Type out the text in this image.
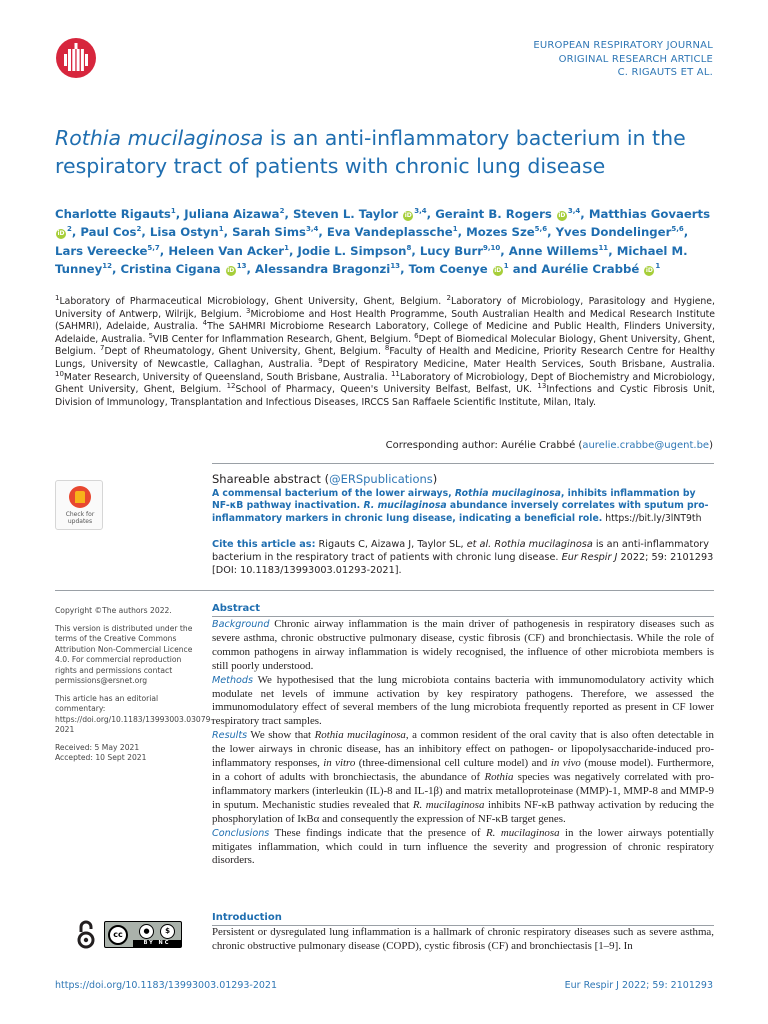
EUROPEAN RESPIRATORY JOURNAL
ORIGINAL RESEARCH ARTICLE
C. RIGAUTS ET AL.
Rothia mucilaginosa is an anti-inflammatory bacterium in the respiratory tract of patients with chronic lung disease
Charlotte Rigauts$^1$, Juliana Aizawa$^2$, Steven L. Taylor iD$^{3,4}$, Geraint B. Rogers iD$^{3,4}$, Matthias Govaerts $iD^2$, Paul Cos$^2$, Lisa Ostyn$^1$, Sarah Sims$^{3,4}$, Eva Vandeplassche$^1$, Mozes Sze$^{5,6}$, Yves Dondelinger$^{5,6}$, Lars Vereecke$^{5,7}$, Heleen Van Acker$^1$, Jodie L. Simpson$^8$, Lucy Burr$^{9,10}$, Anne Willems$^{11}$, Michael M. Tunney$^{12}$, Cristina Cigana $iD^{13}$, Alessandra Bragonzi$^{13}$, Tom Coenye $iD^1$ and Aurélie Crabbé $iD^1$
$^1$Laboratory of Pharmaceutical Microbiology, Ghent University, Ghent, Belgium. $^2$Laboratory of Microbiology, Parasitology and Hygiene, University of Antwerp, Wilrijk, Belgium. $^3$Microbiome and Host Health Programme, South Australian Health and Medical Research Institute (SAHMRI), Adelaide, Australia. $^4$The SAHMRI Microbiome Research Laboratory, College of Medicine and Public Health, Flinders University, Adelaide, Australia. $^5$VIB Center for Inflammation Research, Ghent, Belgium. $^6$Dept of Biomedical Molecular Biology, Ghent University, Ghent, Belgium. $^7$Dept of Rheumatology, Ghent University, Ghent, Belgium. $^8$Faculty of Health and Medicine, Priority Research Centre for Healthy Lungs, University of Newcastle, Callaghan, Australia. $^9$Dept of Respiratory Medicine, Mater Health Services, South Brisbane, Australia. $^{10}$Mater Research, University of Queensland, South Brisbane, Australia. $^{11}$Laboratory of Microbiology, Dept of Biochemistry and Microbiology, Ghent University, Ghent, Belgium. $^{12}$School of Pharmacy, Queen's University Belfast, Belfast, UK. $^{13}$Infections and Cystic Fibrosis Unit, Division of Immunology, Transplantation and Infectious Diseases, IRCCS San Raffaele Scientific Institute, Milan, Italy.
Corresponding author: Aurélie Crabbé (aurelie.crabbe@ugent.be)
Check for updates
Shareable abstract (@ERSpublications)
A commensal bacterium of the lower airways, Rothia mucilaginosa, inhibits inflammation by NF-κB pathway inactivation. R. mucilaginosa abundance inversely correlates with sputum pro-inflammatory markers in chronic lung disease, indicating a beneficial role. https://bit.ly/3lNT9th
Cite this article as: Rigauts C, Aizawa J, Taylor SL, et al. Rothia mucilaginosa is an anti-inflammatory bacterium in the respiratory tract of patients with chronic lung disease. Eur Respir J 2022; 59: 2101293 [DOI: 10.1183/13993003.01293-2021].

Copyright ©The authors 2022.

This version is distributed under the terms of the Creative Commons Attribution Non-Commercial Licence 4.0. For commercial reproduction rights and permissions contact permissions@ersnet.org

This article has an editorial commentary: https://doi.org/10.1183/13993003.03079-2021

Received: 5 May 2021
Accepted: 10 Sept 2021
Abstract
Background Chronic airway inflammation is the main driver of pathogenesis in respiratory diseases such as severe asthma, chronic obstructive pulmonary disease, cystic fibrosis (CF) and bronchiectasis. While the role of common pathogens in airway inflammation is widely recognised, the influence of other microbiota members is still poorly understood.
Methods We hypothesised that the lung microbiota contains bacteria with immunomodulatory activity which modulate net levels of immune activation by key respiratory pathogens. Therefore, we assessed the immunomodulatory effect of several members of the lung microbiota frequently reported as present in CF lower respiratory tract samples.
Results We show that Rothia mucilaginosa, a common resident of the oral cavity that is also often detectable in the lower airways in chronic disease, has an inhibitory effect on pathogen- or lipopolysaccharide-induced pro-inflammatory responses, in vitro (three-dimensional cell culture model) and in vivo (mouse model). Furthermore, in a cohort of adults with bronchiectasis, the abundance of Rothia species was negatively correlated with pro-inflammatory markers (interleukin (IL)-8 and IL-1β) and matrix metalloproteinase (MMP)-1, MMP-8 and MMP-9 in sputum. Mechanistic studies revealed that R. mucilaginosa inhibits NF-κB pathway activation by reducing the phosphorylation of IκBα and consequently the expression of NF-κB target genes.
Conclusions These findings indicate that the presence of R. mucilaginosa in the lower airways potentially mitigates inflammation, which could in turn influence the severity and progression of chronic respiratory disorders.
Introduction
Persistent or dysregulated lung inflammation is a hallmark of chronic respiratory diseases such as severe asthma, chronic obstructive pulmonary disease (COPD), cystic fibrosis (CF) and bronchiectasis [1–9]. In
cc	●	$
BY NC
https://doi.org/10.1183/13993003.01293-2021	Eur Respir J 2022; 59: 2101293
